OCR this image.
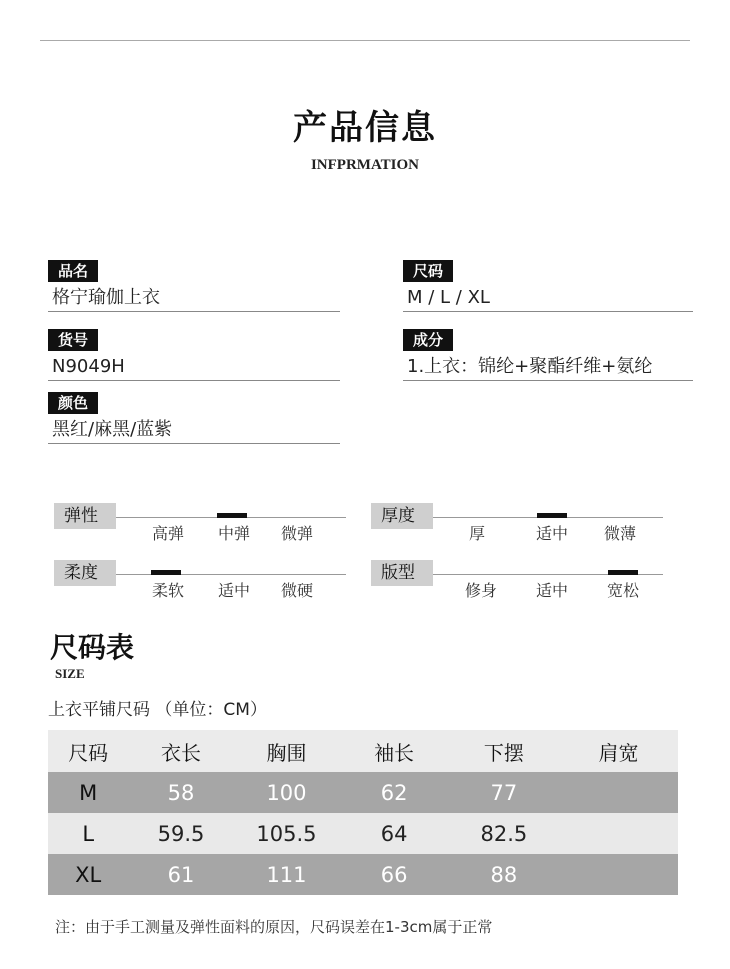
产品信息
INFPRMATION
品名
格宁瑜伽上衣
货号
N9049H
颜色
黑红/麻黑/蓝紫
尺码
M / L / XL
成分
1.上衣：锦纶+聚酯纤维+氨纶
弹性
高弹	中弹	微弹
柔度
柔软	适中	微硬
厚度
厚	适中	微薄
版型
修身	适中	宽松
尺码表
SIZE
上衣平铺尺码 （单位：CM）
尺码	衣长	胸围	袖长	下摆	肩宽
M	58	100	62	77	
L	59.5	105.5	64	82.5	
XL	61	111	66	88	
注：由于手工测量及弹性面料的原因，尺码误差在1-3cm属于正常
